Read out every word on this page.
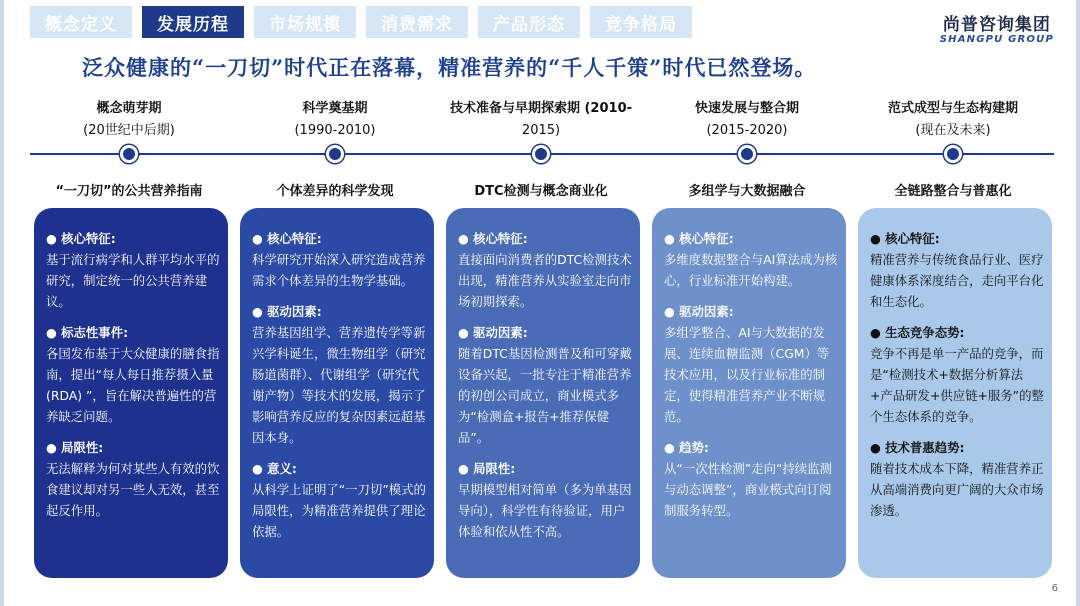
概念定义	发展历程	市场规模	消费需求	产品形态	竞争格局	尚普咨询集团
SHANGPU GROUP
泛众健康的“一刀切”时代正在落幕，精准营养的“千人千策”时代已然登场。
概念萌芽期
(20世纪中后期)
科学奠基期
(1990-2010)
技术准备与早期探索期 (2010-
2015)
快速发展与整合期
(2015-2020)
范式成型与生态构建期
(现在及未来)
“一刀切”的公共营养指南	个体差异的科学发现	DTC检测与概念商业化	多组学与大数据融合	全链路整合与普惠化
● 核心特征:
基于流行病学和人群平均水平的研究，制定统一的公共营养建议。
● 标志性事件:
各国发布基于大众健康的膳食指南，提出“每人每日推荐摄入量 (RDA) ”，旨在解决普遍性的营养缺乏问题。
● 局限性:
无法解释为何对某些人有效的饮食建议却对另一些人无效，甚至起反作用。
● 核心特征:
科学研究开始深入研究造成营养需求个体差异的生物学基础。
● 驱动因素:
营养基因组学、营养遗传学等新兴学科诞生，微生物组学（研究肠道菌群）、代谢组学（研究代谢产物）等技术的发展，揭示了影响营养反应的复杂因素远超基因本身。
● 意义:
从科学上证明了“一刀切”模式的局限性，为精准营养提供了理论依据。
● 核心特征:
直接面向消费者的DTC检测技术出现，精准营养从实验室走向市场初期探索。
● 驱动因素:
随着DTC基因检测普及和可穿戴设备兴起，一批专注于精准营养的初创公司成立，商业模式多为“检测盒+报告+推荐保健品”。
● 局限性:
早期模型相对简单（多为单基因导向），科学性有待验证，用户体验和依从性不高。
● 核心特征:
多维度数据整合与AI算法成为核心，行业标准开始构建。
● 驱动因素:
多组学整合、AI与大数据的发展、连续血糖监测（CGM）等技术应用，以及行业标准的制定，使得精准营养产业不断规范。
● 趋势:
从“一次性检测”走向“持续监测与动态调整”，商业模式向订阅制服务转型。
● 核心特征:
精准营养与传统食品行业、医疗健康体系深度结合，走向平台化和生态化。
● 生态竞争态势:
竞争不再是单一产品的竞争，而是“检测技术+数据分析算法+产品研发+供应链+服务”的整个生态体系的竞争。
● 技术普惠趋势:
随着技术成本下降，精准营养正从高端消费向更广阔的大众市场渗透。
6
